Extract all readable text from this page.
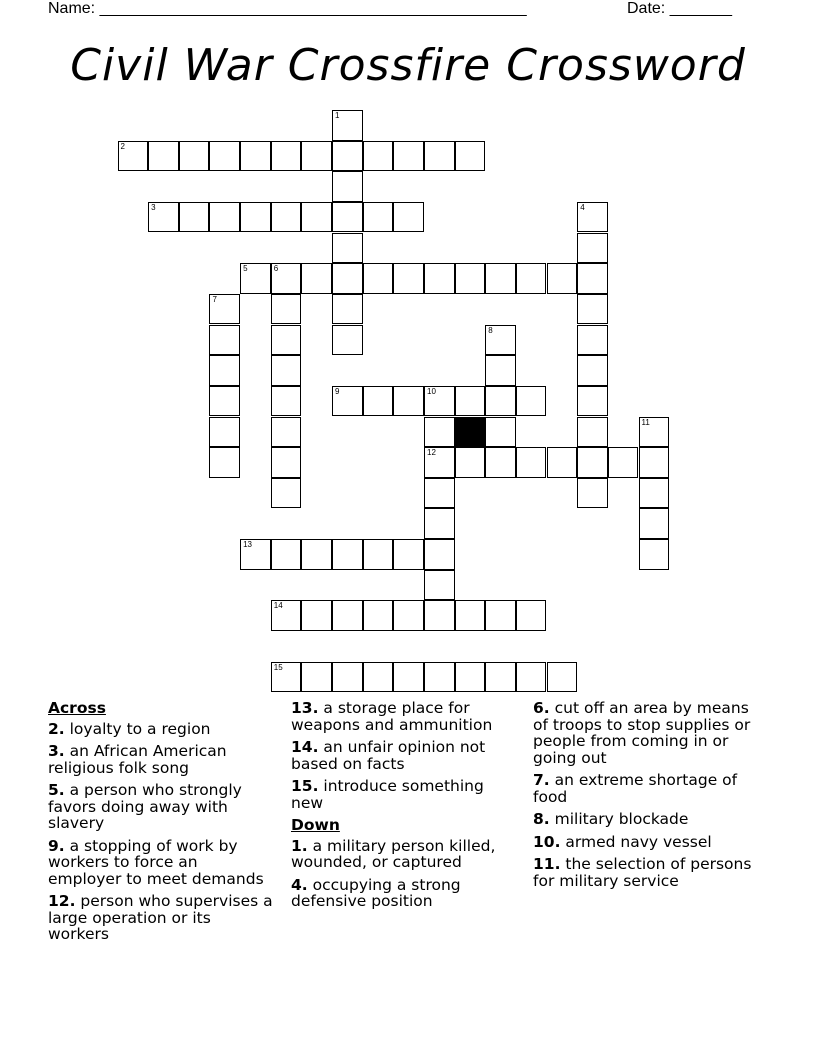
Name: ________________________________________________	Date: _______
Civil War Crossfire Crossword
2
3
5	6
9	10
12
13
14
15
1
4
7
8
11
Across
2. loyalty to a region
3. an African American religious folk song
5. a person who strongly favors doing away with slavery
9. a stopping of work by workers to force an employer to meet demands
12. person who supervises a large operation or its workers
13. a storage place for weapons and ammunition
14. an unfair opinion not based on facts
15. introduce something new
Down
1. a military person killed, wounded, or captured
4. occupying a strong defensive position
6. cut off an area by means of troops to stop supplies or people from coming in or going out
7. an extreme shortage of food
8. military blockade
10. armed navy vessel
11. the selection of persons for military service
